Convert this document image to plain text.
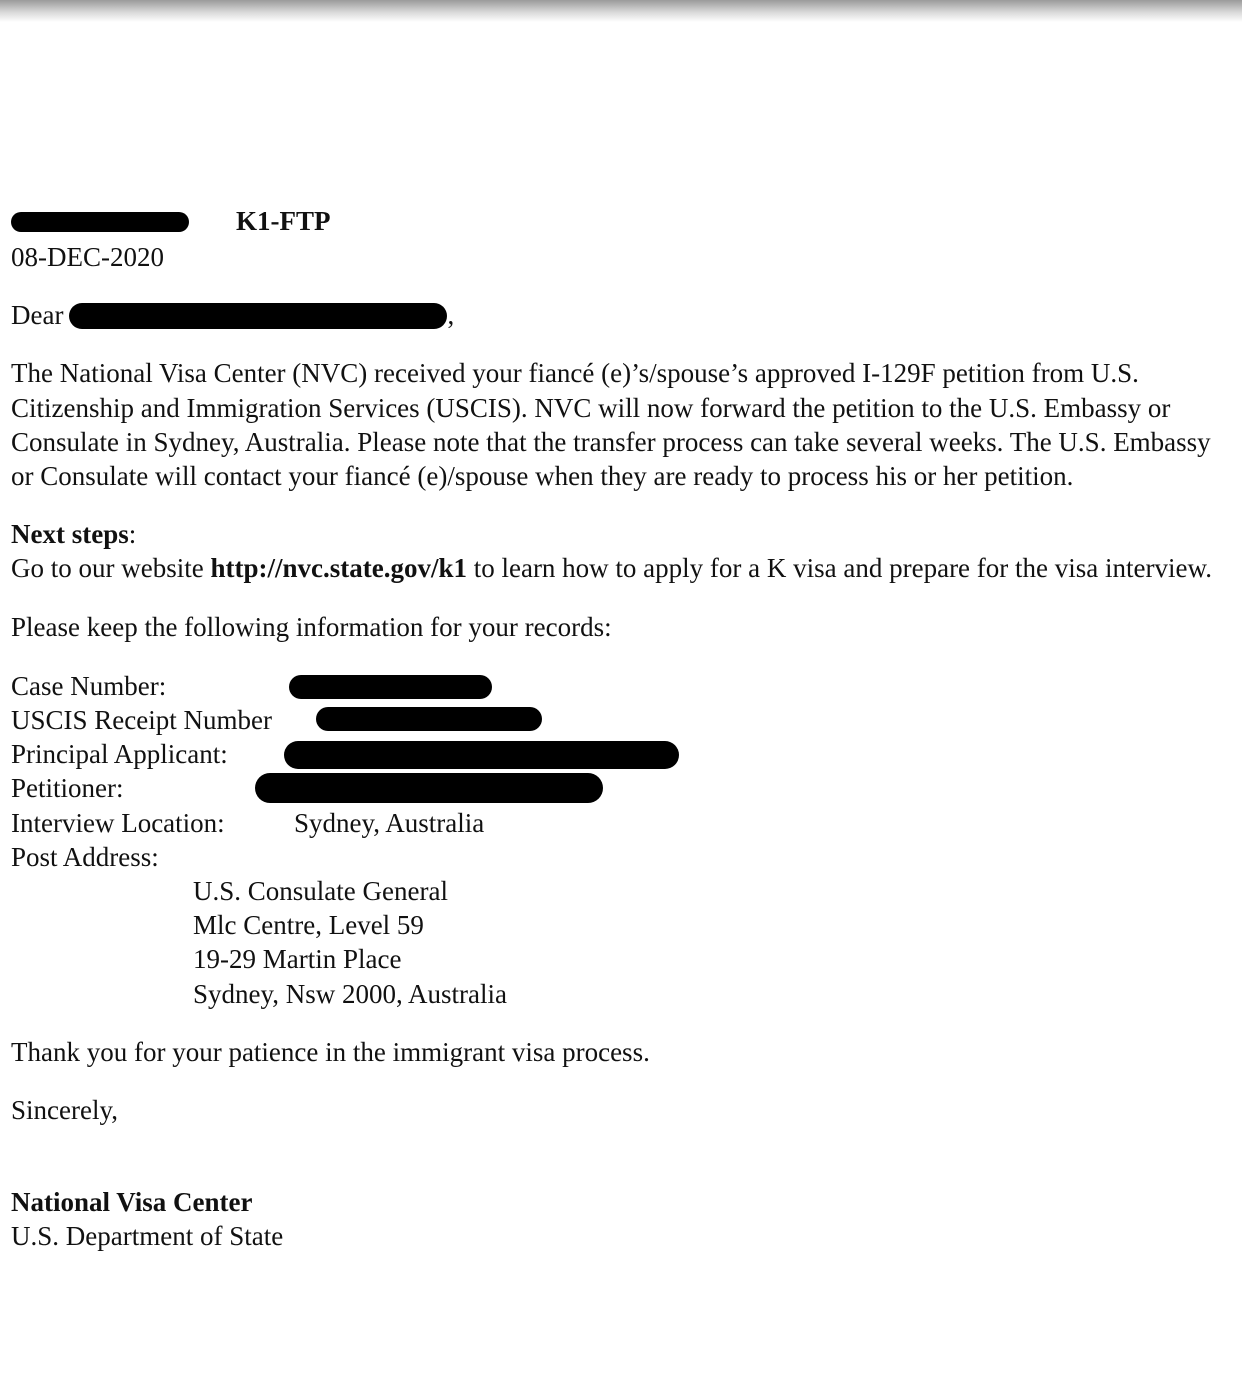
K1-FTP
08-DEC-2020
Dear	,

The National Visa Center (NVC) received your fiancé (e)’s/spouse’s approved I-129F petition from U.S. Citizenship and Immigration Services (USCIS). NVC will now forward the petition to the U.S. Embassy or Consulate in Sydney, Australia. Please note that the transfer process can take several weeks. The U.S. Embassy or Consulate will contact your fiancé (e)/spouse when they are ready to process his or her petition.

Next steps:

Go to our website http://nvc.state.gov/k1 to learn how to apply for a K visa and prepare for the visa interview.

Please keep the following information for your records:
Case Number:
USCIS Receipt Number
Principal Applicant:
Petitioner:
Interview Location:	Sydney, Australia
Post Address:
U.S. Consulate General
Mlc Centre, Level 59
19-29 Martin Place
Sydney, Nsw 2000, Australia
Thank you for your patience in the immigrant visa process.
Sincerely,
National Visa Center
U.S. Department of State
